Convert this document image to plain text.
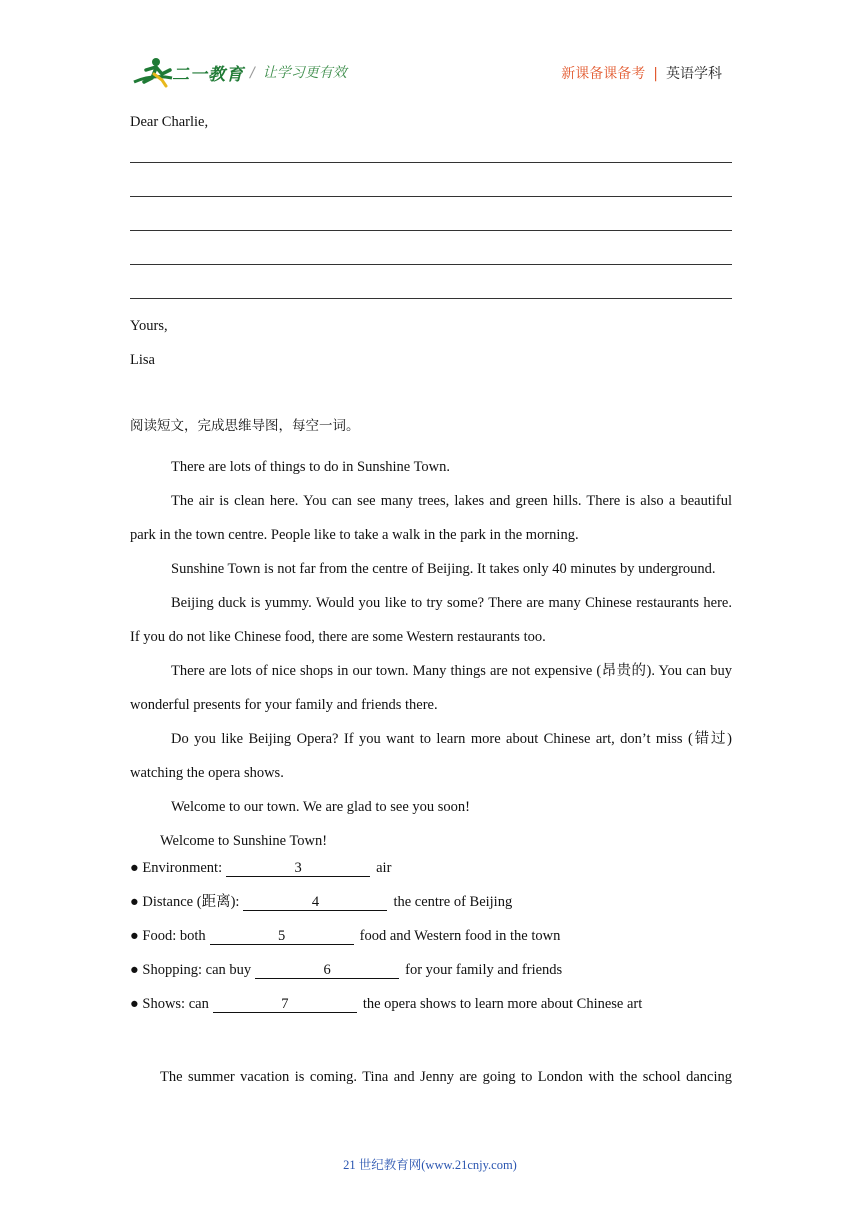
二一教育 / 让学习更有效	新课备课备考 | 英语学科
Dear Charlie,
Yours,
Lisa
阅读短文，完成思维导图，每空一词。
There are lots of things to do in Sunshine Town.
The air is clean here. You can see many trees, lakes and green hills. There is also a beautiful park in the town centre. People like to take a walk in the park in the morning.
Sunshine Town is not far from the centre of Beijing. It takes only 40 minutes by underground.
Beijing duck is yummy. Would you like to try some? There are many Chinese restaurants here. If you do not like Chinese food, there are some Western restaurants too.
There are lots of nice shops in our town. Many things are not expensive (昂贵的). You can buy wonderful presents for your family and friends there.
Do you like Beijing Opera? If you want to learn more about Chinese art, don’t miss (错过) watching the opera shows.
Welcome to our town. We are glad to see you soon!
Welcome to Sunshine Town!
● Environment:	3	air
● Distance (距离):	4	the centre of Beijing
● Food: both	5	food and Western food in the town
● Shopping: can buy	6	for your family and friends
● Shows: can	7	the opera shows to learn more about Chinese art
The summer vacation is coming. Tina and Jenny are going to London with the school dancing
21 世纪教育网(www.21cnjy.com)
